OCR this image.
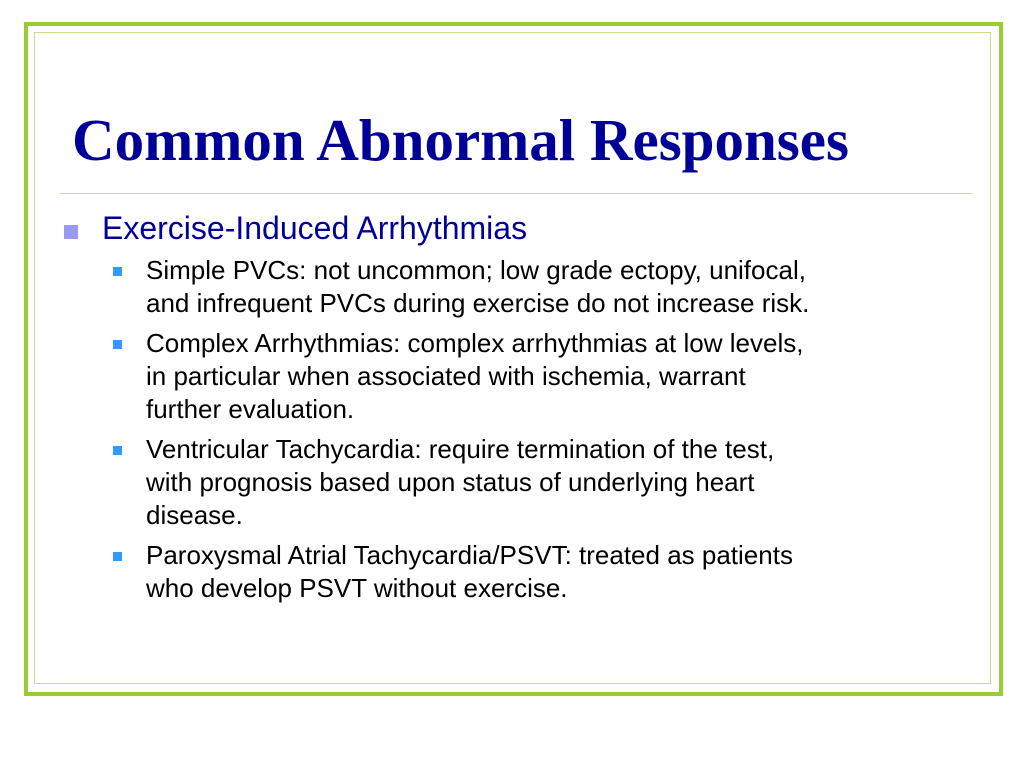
Common Abnormal Responses
Exercise-Induced Arrhythmias
Simple PVCs: not uncommon; low grade ectopy, unifocal,
and infrequent PVCs during exercise do not increase risk.
Complex Arrhythmias: complex arrhythmias at low levels,
in particular when associated with ischemia, warrant
further evaluation.
Ventricular Tachycardia: require termination of the test,
with prognosis based upon status of underlying heart
disease.
Paroxysmal Atrial Tachycardia/PSVT: treated as patients
who develop PSVT without exercise.
